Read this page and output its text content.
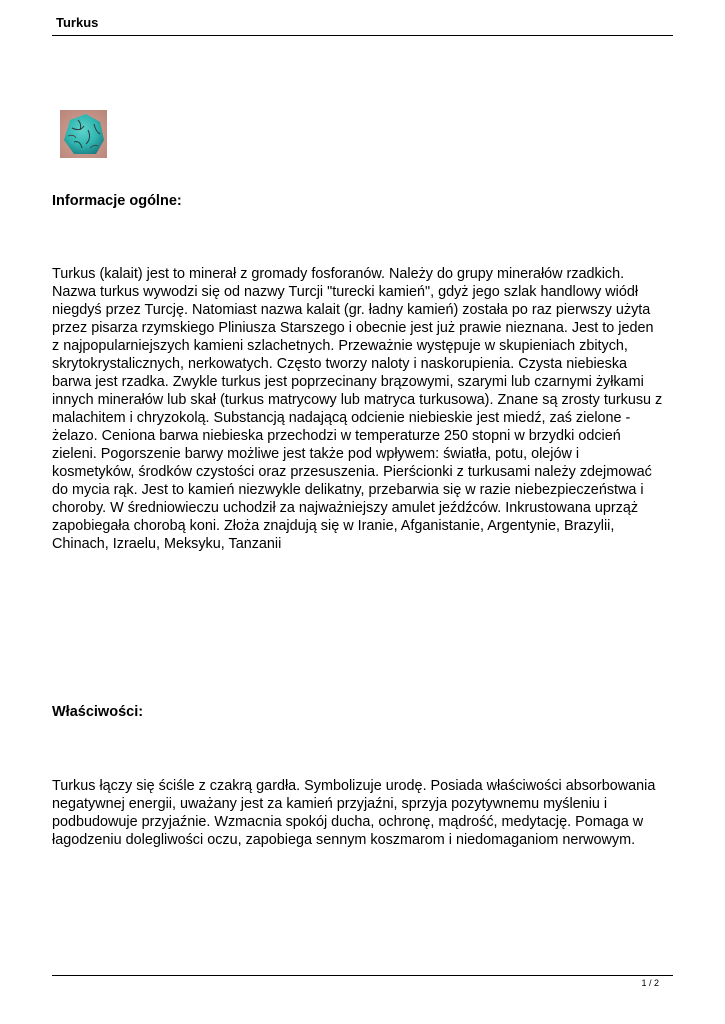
Turkus
Informacje ogólne:

Turkus (kalait) jest to minerał z gromady fosforanów. Należy do grupy minerałów rzadkich.
Nazwa turkus wywodzi się od nazwy Turcji "turecki kamień", gdyż jego szlak handlowy wiódł
niegdyś przez Turcję. Natomiast nazwa kalait (gr. ładny kamień) została po raz pierwszy użyta
przez pisarza rzymskiego Pliniusza Starszego i obecnie jest już prawie nieznana. Jest to jeden
z najpopularniejszych kamieni szlachetnych. Przeważnie występuje w skupieniach zbitych,
skrytokrystalicznych, nerkowatych. Często tworzy naloty i naskorupienia. Czysta niebieska
barwa jest rzadka. Zwykle turkus jest poprzecinany brązowymi, szarymi lub czarnymi żyłkami
innych minerałów lub skał (turkus matrycowy lub matryca turkusowa). Znane są zrosty turkusu z
malachitem i chryzokolą. Substancją nadającą odcienie niebieskie jest miedź, zaś zielone -
żelazo. Ceniona barwa niebieska przechodzi w temperaturze 250 stopni w brzydki odcień
zieleni. Pogorszenie barwy możliwe jest także pod wpływem: światła, potu, olejów i
kosmetyków, środków czystości oraz przesuszenia. Pierścionki z turkusami należy zdejmować
do mycia rąk. Jest to kamień niezwykle delikatny, przebarwia się w razie niebezpieczeństwa i
choroby. W średniowieczu uchodził za najważniejszy amulet jeźdźców. Inkrustowana uprząż
zapobiegała chorobą koni. Złoża znajdują się w Iranie, Afganistanie, Argentynie, Brazylii,
Chinach, Izraelu, Meksyku, Tanzanii

Właściwości:

Turkus łączy się ściśle z czakrą gardła. Symbolizuje urodę. Posiada właściwości absorbowania
negatywnej energii, uważany jest za kamień przyjaźni, sprzyja pozytywnemu myśleniu i
podbudowuje przyjaźnie. Wzmacnia spokój ducha, ochronę, mądrość, medytację. Pomaga w
łagodzeniu dolegliwości oczu, zapobiega sennym koszmarom i niedomaganiom nerwowym.

1 / 2
